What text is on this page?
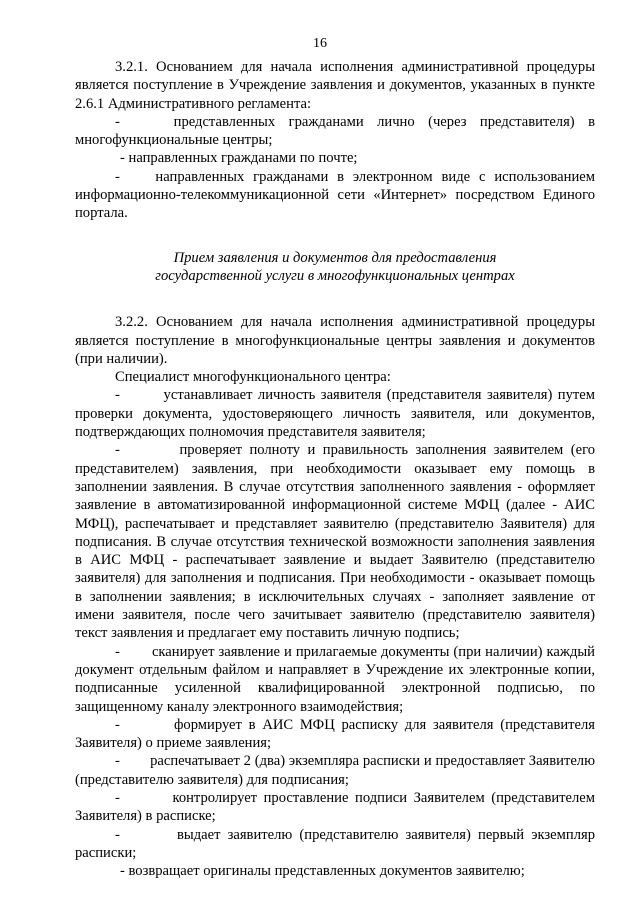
16

3.2.1. Основанием для начала исполнения административной процедуры является поступление в Учреждение заявления и документов, указанных в пункте 2.6.1 Административного регламента:

-    представленных гражданами лично (через представителя) в многофункциональные центры;

- направленных гражданами по почте;

-    направленных гражданами в электронном виде с использованием информационно-телекоммуникационной сети «Интернет» посредством Единого портала.

Прием заявления и документов для предоставления
государственной услуги в многофункциональных центрах

3.2.2. Основанием для начала исполнения административной процедуры является поступление в многофункциональные центры заявления и документов (при наличии).

Специалист многофункционального центра:

-        устанавливает личность заявителя (представителя заявителя) путем проверки документа, удостоверяющего личность заявителя, или документов, подтверждающих полномочия представителя заявителя;

-        проверяет полноту и правильность заполнения заявителем (его представителем) заявления, при необходимости оказывает ему помощь в заполнении заявления. В случае отсутствия заполненного заявления - оформляет заявление в автоматизированной информационной системе МФЦ (далее - АИС МФЦ), распечатывает и представляет заявителю (представителю Заявителя) для подписания. В случае отсутствия технической возможности заполнения заявления в АИС МФЦ - распечатывает заявление и выдает Заявителю (представителю заявителя) для заполнения и подписания. При необходимости - оказывает помощь в заполнении заявления; в исключительных случаях - заполняет заявление от имени заявителя, после чего зачитывает заявителю (представителю заявителя) текст заявления и предлагает ему поставить личную подпись;

-        сканирует заявление и прилагаемые документы (при наличии) каждый документ отдельным файлом и направляет в Учреждение их электронные копии, подписанные усиленной квалифицированной электронной подписью, по защищенному каналу электронного взаимодействия;

-        формирует в АИС МФЦ расписку для заявителя (представителя Заявителя) о приеме заявления;

-        распечатывает 2 (два) экземпляра расписки и предоставляет Заявителю (представителю заявителя) для подписания;

-        контролирует проставление подписи Заявителем (представителем Заявителя) в расписке;

-        выдает заявителю (представителю заявителя) первый экземпляр расписки;

- возвращает оригиналы представленных документов заявителю;
